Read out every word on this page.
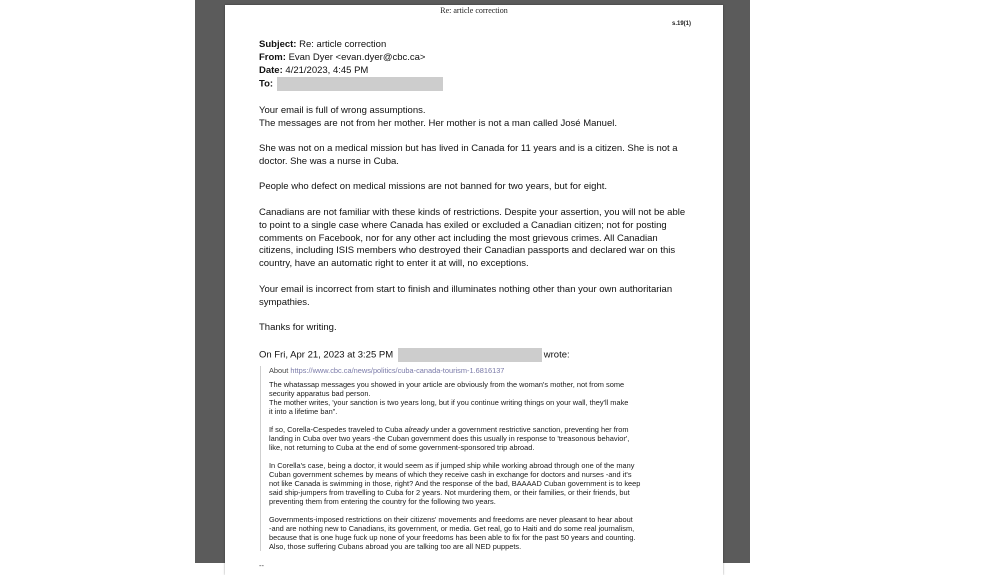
Re: article correction
s.19(1)
Subject: Re: article correction
From: Evan Dyer <evan.dyer@cbc.ca>
Date: 4/21/2023, 4:45 PM
To:
Your email is full of wrong assumptions.
The messages are not from her mother. Her mother is not a man called José Manuel.
She was not on a medical mission but has lived in Canada for 11 years and is a citizen. She is not a
doctor. She was a nurse in Cuba.
People who defect on medical missions are not banned for two years, but for eight.
Canadians are not familiar with these kinds of restrictions. Despite your assertion, you will not be able
to point to a single case where Canada has exiled or excluded a Canadian citizen; not for posting
comments on Facebook, nor for any other act including the most grievous crimes. All Canadian
citizens, including ISIS members who destroyed their Canadian passports and declared war on this
country, have an automatic right to enter it at will, no exceptions.
Your email is incorrect from start to finish and illuminates nothing other than your own authoritarian
sympathies.
Thanks for writing.
On Fri, Apr 21, 2023 at 3:25 PM	wrote:
About https://www.cbc.ca/news/politics/cuba-canada-tourism-1.6816137
The whatassap messages you showed in your article are obviously from the woman's mother, not from some
security apparatus bad person.
The mother writes, 'your sanction is two years long, but if you continue writing things on your wall, they'll make
it into a lifetime ban".
If so, Corella-Cespedes traveled to Cuba already under a government restrictive sanction, preventing her from
landing in Cuba over two years -the Cuban government does this usually in response to 'treasonous behavior',
like, not returning to Cuba at the end of some government-sponsored trip abroad.
In Corella's case, being a doctor, it would seem as if jumped ship while working abroad through one of the many
Cuban government schemes by means of which they receive cash in exchange for doctors and nurses -and it's
not like Canada is swimming in those, right? And the response of the bad, BAAAAD Cuban government is to keep
said ship-jumpers from travelling to Cuba for 2 years. Not murdering them, or their families, or their friends, but
preventing them from entering the country for the following two years.
Governments-imposed restrictions on their citizens' movements and freedoms are never pleasant to hear about
-and are nothing new to Canadians, its government, or media. Get real, go to Haiti and do some real journalism,
because that is one huge fuck up none of your freedoms has been able to fix for the past 50 years and counting.
Also, those suffering Cubans abroad you are talking too are all NED puppets.
--
